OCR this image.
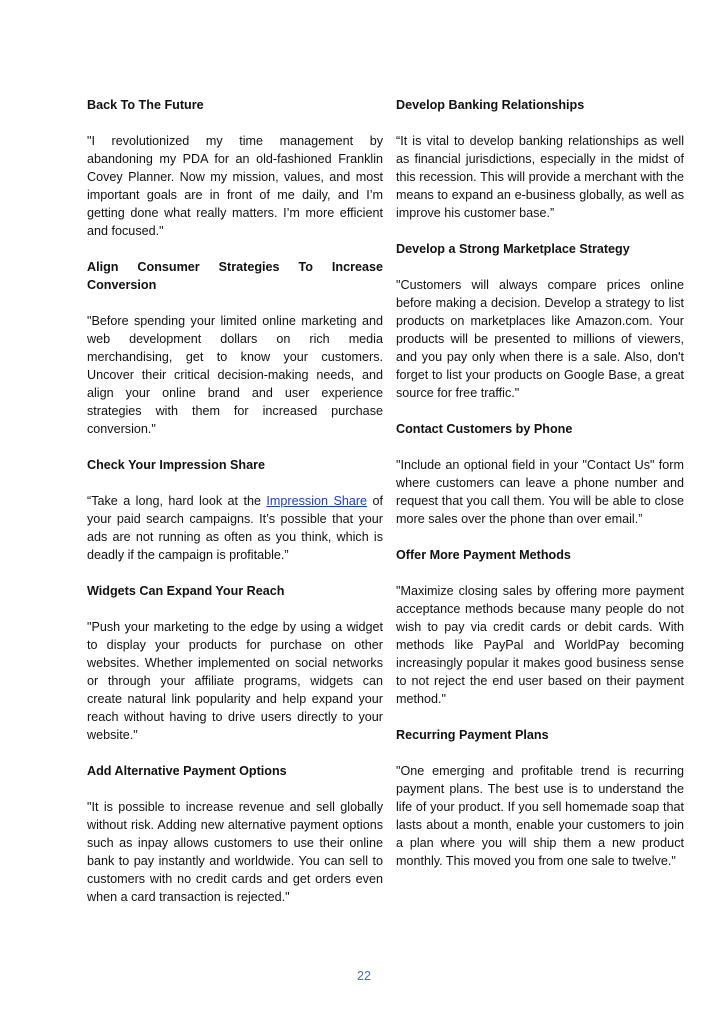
Back To The Future
"I revolutionized my time management by abandoning my PDA for an old-fashioned Franklin Covey Planner. Now my mission, values, and most important goals are in front of me daily, and I’m getting done what really matters. I’m more efficient and focused."
Align Consumer Strategies To Increase Conversion
"Before spending your limited online marketing and web development dollars on rich media merchandising, get to know your customers. Uncover their critical decision-making needs, and align your online brand and user experience strategies with them for increased purchase conversion."
Check Your Impression Share
“Take a long, hard look at the Impression Share of your paid search campaigns. It’s possible that your ads are not running as often as you think, which is deadly if the campaign is profitable.”
Widgets Can Expand Your Reach
"Push your marketing to the edge by using a widget to display your products for purchase on other websites. Whether implemented on social networks or through your affiliate programs, widgets can create natural link popularity and help expand your reach without having to drive users directly to your website."
Add Alternative Payment Options
"It is possible to increase revenue and sell globally without risk. Adding new alternative payment options such as inpay allows customers to use their online bank to pay instantly and worldwide. You can sell to customers with no credit cards and get orders even when a card transaction is rejected."
Develop Banking Relationships
“It is vital to develop banking relationships as well as financial jurisdictions, especially in the midst of this recession. This will provide a merchant with the means to expand an e-business globally, as well as improve his customer base.”
Develop a Strong Marketplace Strategy
"Customers will always compare prices online before making a decision. Develop a strategy to list products on marketplaces like Amazon.com. Your products will be presented to millions of viewers, and you pay only when there is a sale. Also, don't forget to list your products on Google Base, a great source for free traffic."
Contact Customers by Phone
"Include an optional field in your "Contact Us" form where customers can leave a phone number and request that you call them. You will be able to close more sales over the phone than over email.”
Offer More Payment Methods
"Maximize closing sales by offering more payment acceptance methods because many people do not wish to pay via credit cards or debit cards. With methods like PayPal and WorldPay becoming increasingly popular it makes good business sense to not reject the end user based on their payment method."
Recurring Payment Plans
"One emerging and profitable trend is recurring payment plans. The best use is to understand the life of your product. If you sell homemade soap that lasts about a month, enable your customers to join a plan where you will ship them a new product monthly. This moved you from one sale to twelve."
22
